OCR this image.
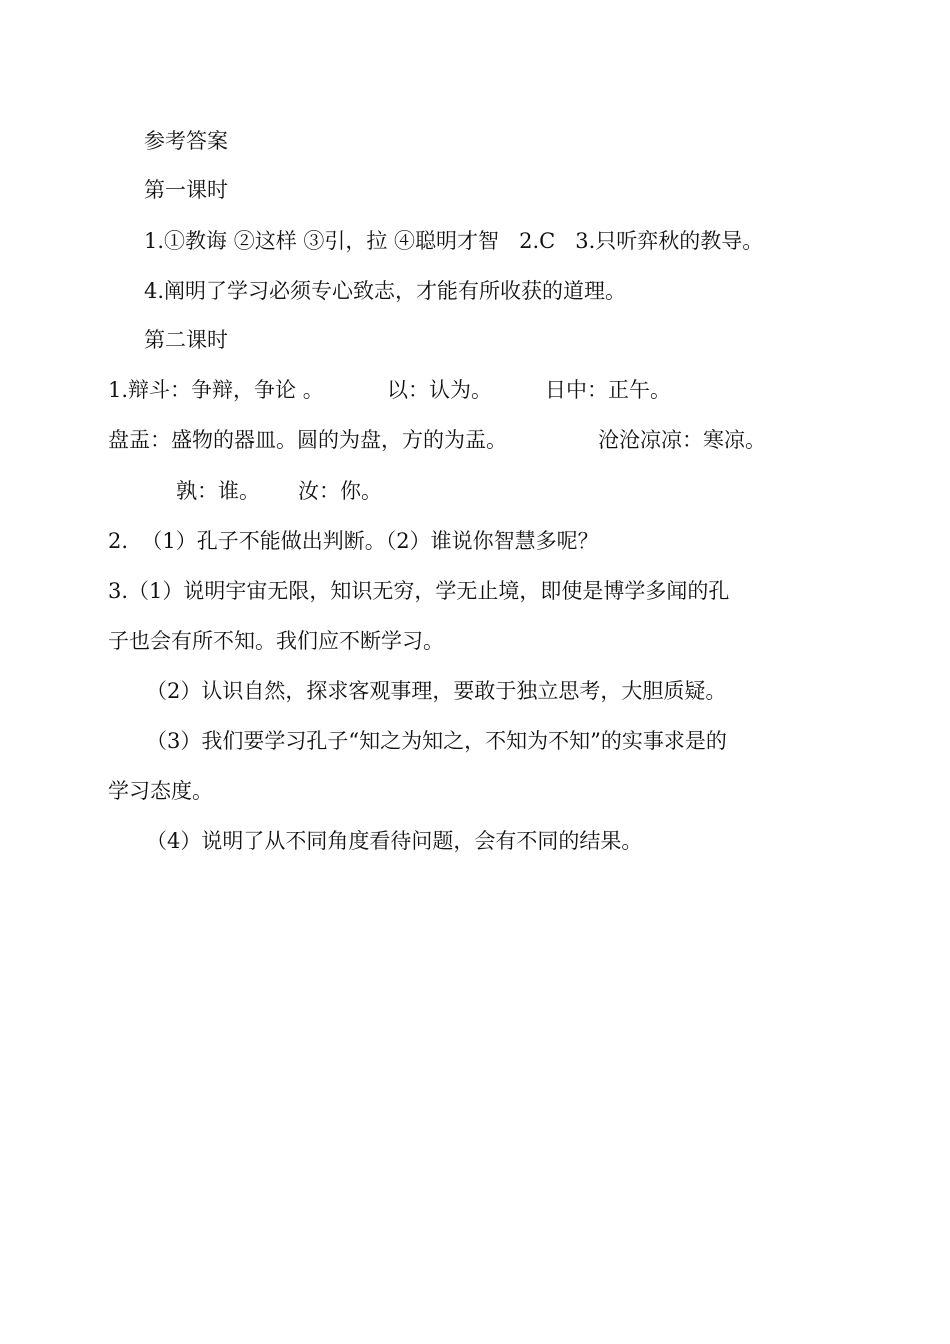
参考答案

第一课时

1.①教诲 ②这样 ③引，拉 ④聪明才智   2.C   3.只听弈秋的教导。

4.阐明了学习必须专心致志，才能有所收获的道理。

第二课时

1.辩斗：争辩，争论 。	以：认为。	日中：正午。

盘盂：盛物的器皿。圆的为盘，方的为盂。	沧沧凉凉：寒凉。

孰：谁。 汝：你。

2.  （1）孔子不能做出判断。（2）谁说你智慧多呢？

3.（1）说明宇宙无限，知识无穷，学无止境，即使是博学多闻的孔

子也会有所不知。我们应不断学习。

（2）认识自然，探求客观事理，要敢于独立思考，大胆质疑。

（3）我们要学习孔子“知之为知之，不知为不知”的实事求是的

学习态度。

（4）说明了从不同角度看待问题，会有不同的结果。
